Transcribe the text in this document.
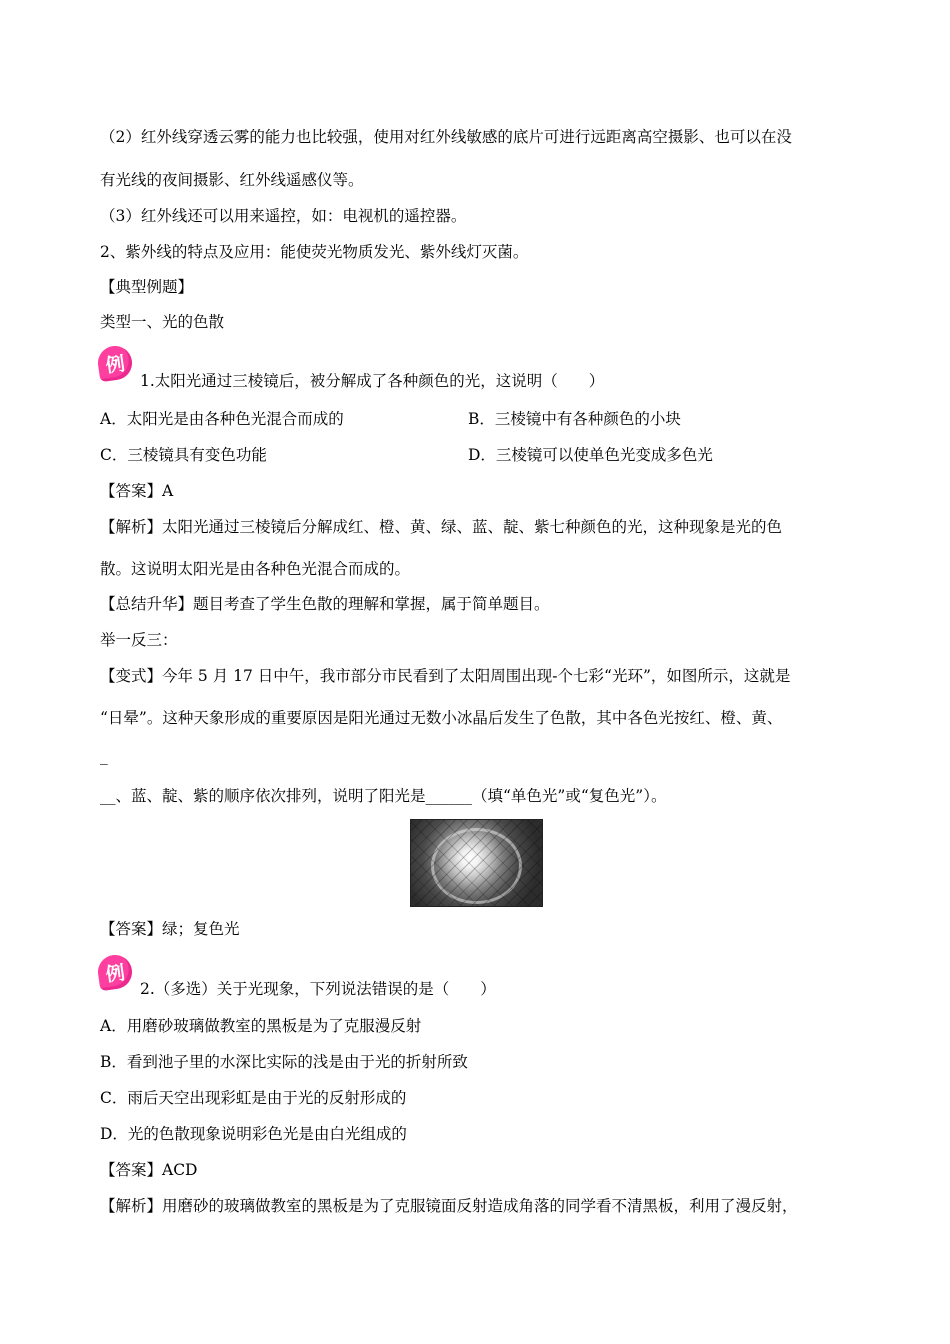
（2）红外线穿透云雾的能力也比较强，使用对红外线敏感的底片可进行远距离高空摄影、也可以在没
有光线的夜间摄影、红外线遥感仪等。
（3）红外线还可以用来遥控，如：电视机的遥控器。
2、紫外线的特点及应用：能使荧光物质发光、紫外线灯灭菌。
【典型例题】
类型一、光的色散
例
1.太阳光通过三棱镜后，被分解成了各种颜色的光，这说明（　　）
A．太阳光是由各种色光混合而成的	B．三棱镜中有各种颜色的小块
C．三棱镜具有变色功能	D．三棱镜可以使单色光变成多色光
【答案】A
【解析】太阳光通过三棱镜后分解成红、橙、黄、绿、蓝、靛、紫七种颜色的光，这种现象是光的色
散。这说明太阳光是由各种色光混合而成的。
【总结升华】题目考查了学生色散的理解和掌握，属于简单题目。
举一反三：
【变式】今年 5 月 17 日中午，我市部分市民看到了太阳周围出现-个七彩“光环”，如图所示，这就是
“日晕”。这种天象形成的重要原因是阳光通过无数小冰晶后发生了色散，其中各色光按红、橙、黄、
_
__、蓝、靛、紫的顺序依次排列，说明了阳光是______（填“单色光”或“复色光”）。
【答案】绿；复色光
例
2.（多选）关于光现象，下列说法错误的是（　　）
A．用磨砂玻璃做教室的黑板是为了克服漫反射
B．看到池子里的水深比实际的浅是由于光的折射所致
C．雨后天空出现彩虹是由于光的反射形成的
D．光的色散现象说明彩色光是由白光组成的
【答案】ACD
【解析】用磨砂的玻璃做教室的黑板是为了克服镜面反射造成角落的同学看不清黑板，利用了漫反射，
